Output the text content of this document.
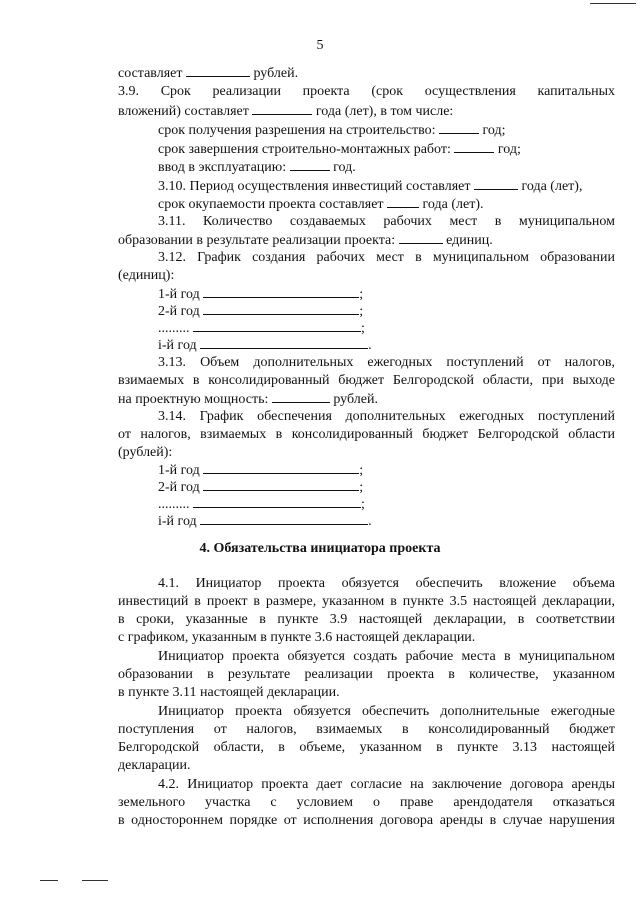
5
составляет	рублей.
3.9. Срок реализации проекта (срок осуществления капитальных
вложений) составляет	года (лет), в том числе:
срок получения разрешения на строительство:	год;
срок завершения строительно-монтажных работ:	год;
ввод в эксплуатацию:	год.
3.10. Период осуществления инвестиций составляет	года (лет),
срок окупаемости проекта составляет	года (лет).
3.11. Количество создаваемых рабочих мест в муниципальном
образовании в результате реализации проекта:	единиц.
3.12. График создания рабочих мест в муниципальном образовании
(единиц):
1-й год	;
2-й год	;
.........	;
i-й год	.
3.13. Объем дополнительных ежегодных поступлений от налогов,
взимаемых в консолидированный бюджет Белгородской области, при выходе
на проектную мощность:	рублей.
3.14. График обеспечения дополнительных ежегодных поступлений
от налогов, взимаемых в консолидированный бюджет Белгородской области
(рублей):
1-й год	;
2-й год	;
.........	;
i-й год	.
4. Обязательства инициатора проекта
4.1. Инициатор проекта обязуется обеспечить вложение объема
инвестиций в проект в размере, указанном в пункте 3.5 настоящей декларации,
в сроки, указанные в пункте 3.9 настоящей декларации, в соответствии
с графиком, указанным в пункте 3.6 настоящей декларации.
Инициатор проекта обязуется создать рабочие места в муниципальном
образовании в результате реализации проекта в количестве, указанном
в пункте 3.11 настоящей декларации.
Инициатор проекта обязуется обеспечить дополнительные ежегодные
поступления от налогов, взимаемых в консолидированный бюджет
Белгородской области, в объеме, указанном в пункте 3.13 настоящей
декларации.
4.2. Инициатор проекта дает согласие на заключение договора аренды
земельного участка с условием о праве арендодателя отказаться
в одностороннем порядке от исполнения договора аренды в случае нарушения
